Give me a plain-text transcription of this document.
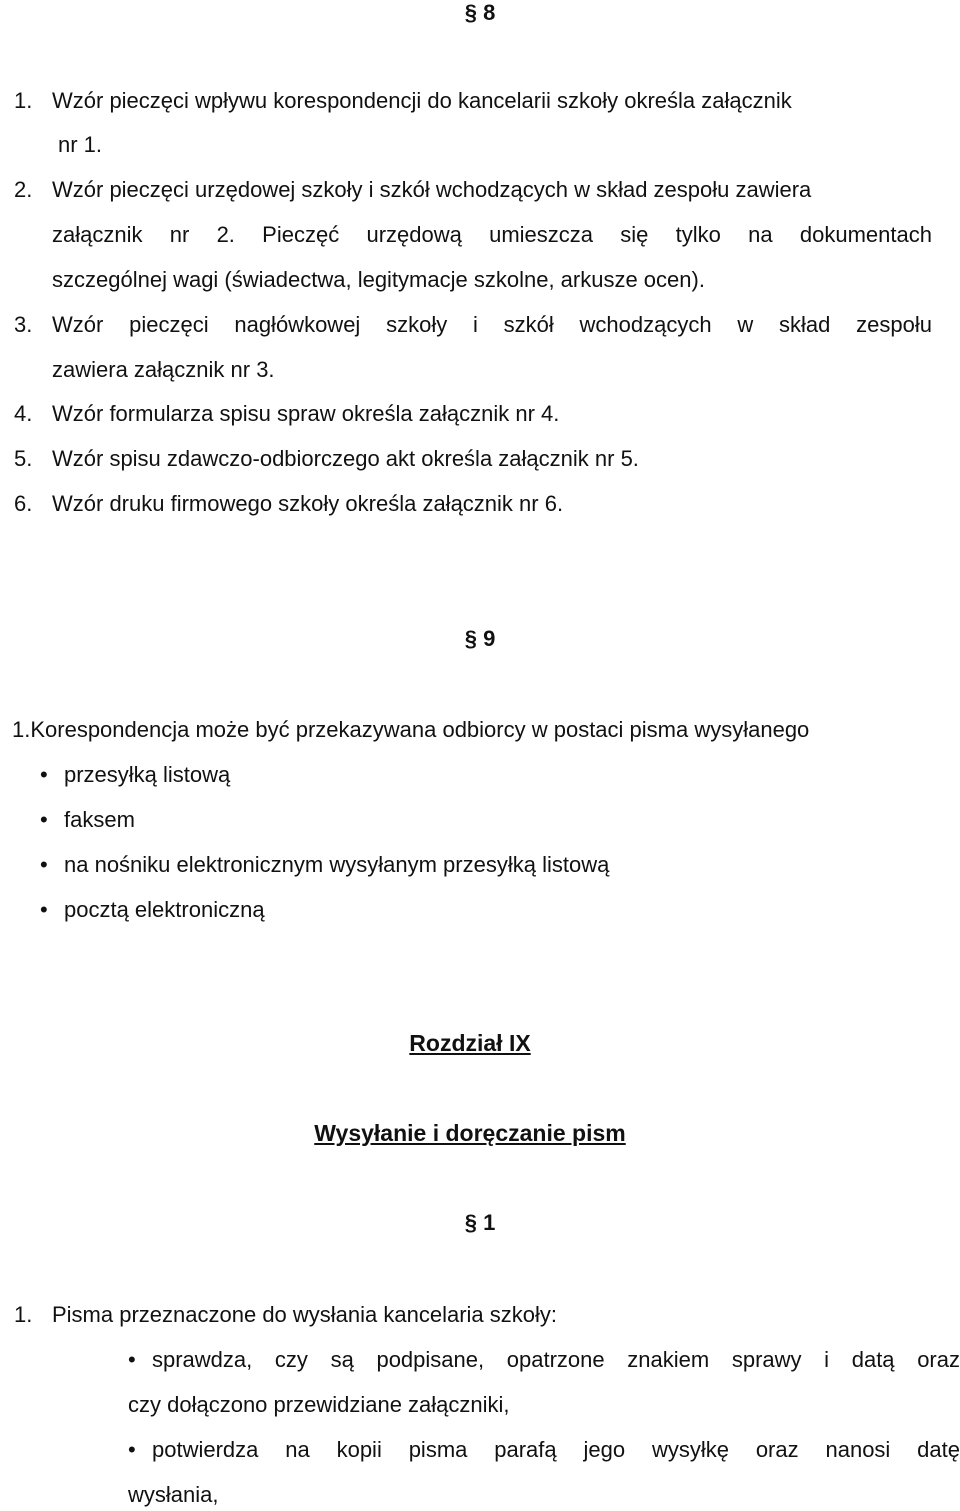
§ 8
1. Wzór pieczęci wpływu korespondencji do kancelarii szkoły określa załącznik
nr 1.
2. Wzór pieczęci urzędowej szkoły i szkół wchodzących w skład zespołu zawiera
załącznik nr 2. Pieczęć urzędową umieszcza się tylko na dokumentach
szczególnej wagi (świadectwa, legitymacje szkolne, arkusze ocen).
3. Wzór pieczęci nagłówkowej szkoły i szkół wchodzących w skład zespołu
zawiera załącznik nr 3.
4. Wzór formularza spisu spraw określa załącznik nr 4.
5. Wzór spisu zdawczo-odbiorczego akt określa załącznik nr 5.
6. Wzór druku firmowego szkoły określa załącznik nr 6.
§ 9
1.Korespondencja może być przekazywana odbiorcy w postaci pisma wysyłanego
• przesyłką listową
• faksem
• na nośniku elektronicznym wysyłanym przesyłką listową
• pocztą elektroniczną
Rozdział IX
Wysyłanie i doręczanie pism
§ 1
1. Pisma przeznaczone do wysłania kancelaria szkoły:
• sprawdza, czy są podpisane, opatrzone znakiem sprawy i datą oraz
czy dołączono przewidziane załączniki,
• potwierdza na kopii pisma parafą jego wysyłkę oraz nanosi datę
wysłania,
